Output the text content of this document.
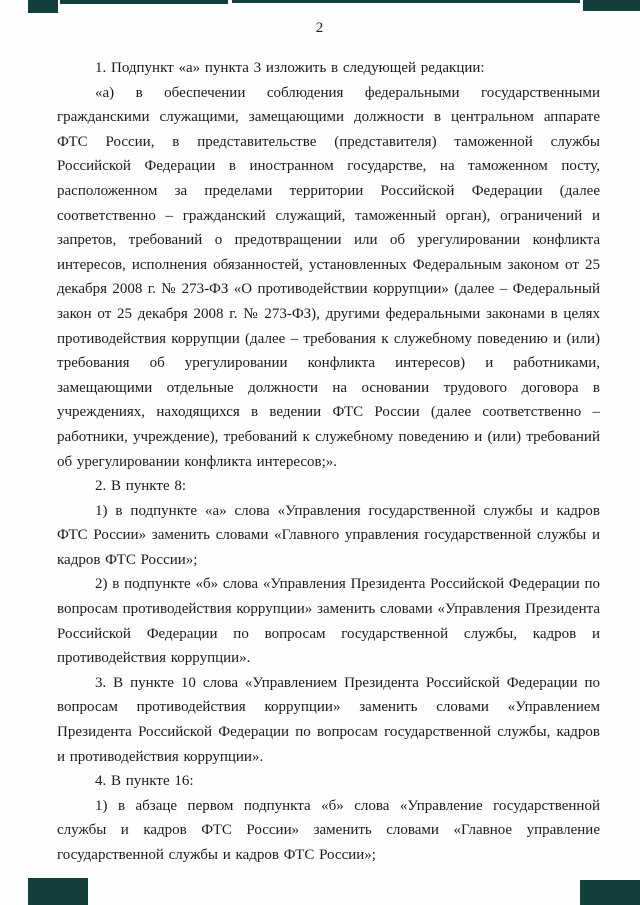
2

1. Подпункт «а» пункта 3 изложить в следующей редакции:

«а) в обеспечении соблюдения федеральными государственными гражданскими служащими, замещающими должности в центральном аппарате ФТС России, в представительстве (представителя) таможенной службы Российской Федерации в иностранном государстве, на таможенном посту, расположенном за пределами территории Российской Федерации (далее соответственно – гражданский служащий, таможенный орган), ограничений и запретов, требований о предотвращении или об урегулировании конфликта интересов, исполнения обязанностей, установленных Федеральным законом от 25 декабря 2008 г. № 273-ФЗ «О противодействии коррупции» (далее – Федеральный закон от 25 декабря 2008 г. № 273-ФЗ), другими федеральными законами в целях противодействия коррупции (далее – требования к служебному поведению и (или) требования об урегулировании конфликта интересов) и работниками, замещающими отдельные должности на основании трудового договора в учреждениях, находящихся в ведении ФТС России (далее соответственно – работники, учреждение), требований к служебному поведению и (или) требований об урегулировании конфликта интересов;».

2. В пункте 8:

1) в подпункте «а» слова «Управления государственной службы и кадров ФТС России» заменить словами «Главного управления государственной службы и кадров ФТС России»;

2) в подпункте «б» слова «Управления Президента Российской Федерации по вопросам противодействия коррупции» заменить словами «Управления Президента Российской Федерации по вопросам государственной службы, кадров и противодействия коррупции».

3. В пункте 10 слова «Управлением Президента Российской Федерации по вопросам противодействия коррупции» заменить словами «Управлением Президента Российской Федерации по вопросам государственной службы, кадров и противодействия коррупции».

4. В пункте 16:

1) в абзаце первом подпункта «б» слова «Управление государственной службы и кадров ФТС России» заменить словами «Главное управление государственной службы и кадров ФТС России»;
